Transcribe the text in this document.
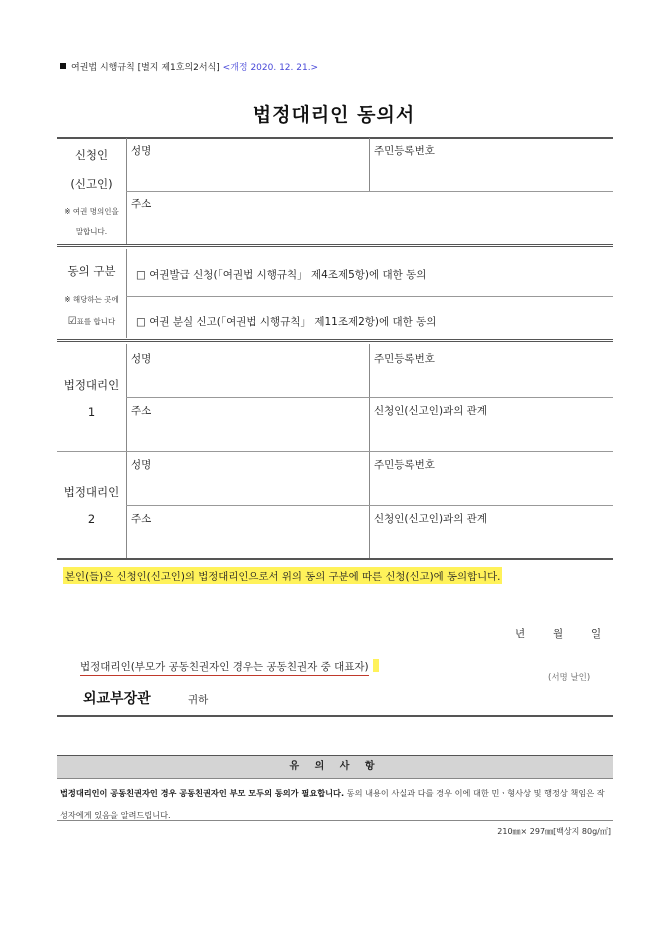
여권법 시행규칙 [별지 제1호의2서식] <개정 2020. 12. 21.>
법정대리인 동의서
신청인
(신고인)
※ 여권 명의인을
말합니다.
성명	주민등록번호
주소
동의 구분
※ 해당하는 곳에
☑표를 합니다
□ 여권발급 신청(「여권법 시행규칙」 제4조제5항)에 대한 동의
□ 여권 분실 신고(「여권법 시행규칙」 제11조제2항)에 대한 동의
법정대리인
1
성명	주민등록번호
주소	신청인(신고인)과의 관계
법정대리인
2
성명	주민등록번호
주소	신청인(신고인)과의 관계
본인(들)은 신청인(신고인)의 법정대리인으로서 위의 동의 구분에 따른 신청(신고)에 동의합니다.
년	월	일
법정대리인(부모가 공동친권자인 경우는 공동친권자 중 대표자)
(서명 날인)
외교부장관	귀하
유 의 사 항
법정대리인이 공동친권자인 경우 공동친권자인 부모 모두의 동의가 필요합니다. 동의 내용이 사실과 다를 경우 이에 대한 민ㆍ형사상 및 행정상 책임은 작성자에게 있음을 알려드립니다.
210㎜× 297㎜[백상지 80g/㎡]
